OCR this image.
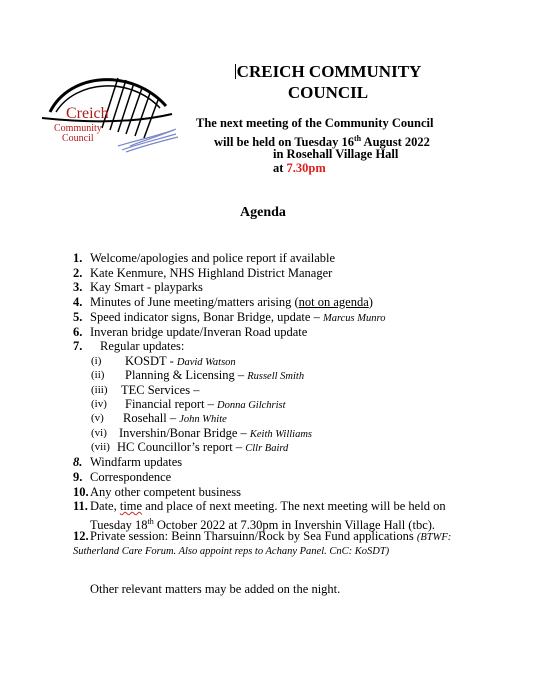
Creich
Community
Council
CREICH COMMUNITY
COUNCIL
The next meeting of the Community Council
will be held on Tuesday 16th August 2022
in Rosehall Village Hall
at 7.30pm
Agenda
1. Welcome/apologies and police report if available
2. Kate Kenmure, NHS Highland District Manager
3. Kay Smart - playparks
4. Minutes of June meeting/matters arising (not on agenda)
5. Speed indicator signs, Bonar Bridge, update – Marcus Munro
6. Inveran bridge update/Inveran Road update
7. Regular updates:
(i) KOSDT - David Watson
(ii) Planning & Licensing – Russell Smith
(iii) TEC Services –
(iv) Financial report – Donna Gilchrist
(v) Rosehall – John White
(vi) Invershin/Bonar Bridge – Keith Williams
(vii) HC Councillor’s report – Cllr Baird
8. Windfarm updates
9. Correspondence
10. Any other competent business
11. Date, time and place of next meeting. The next meeting will be held on
Tuesday 18th October 2022 at 7.30pm in Invershin Village Hall (tbc).
12. Private session: Beinn Tharsuinn/Rock by Sea Fund applications (BTWF:
Sutherland Care Forum. Also appoint reps to Achany Panel. CnC: KoSDT)
Other relevant matters may be added on the night.
